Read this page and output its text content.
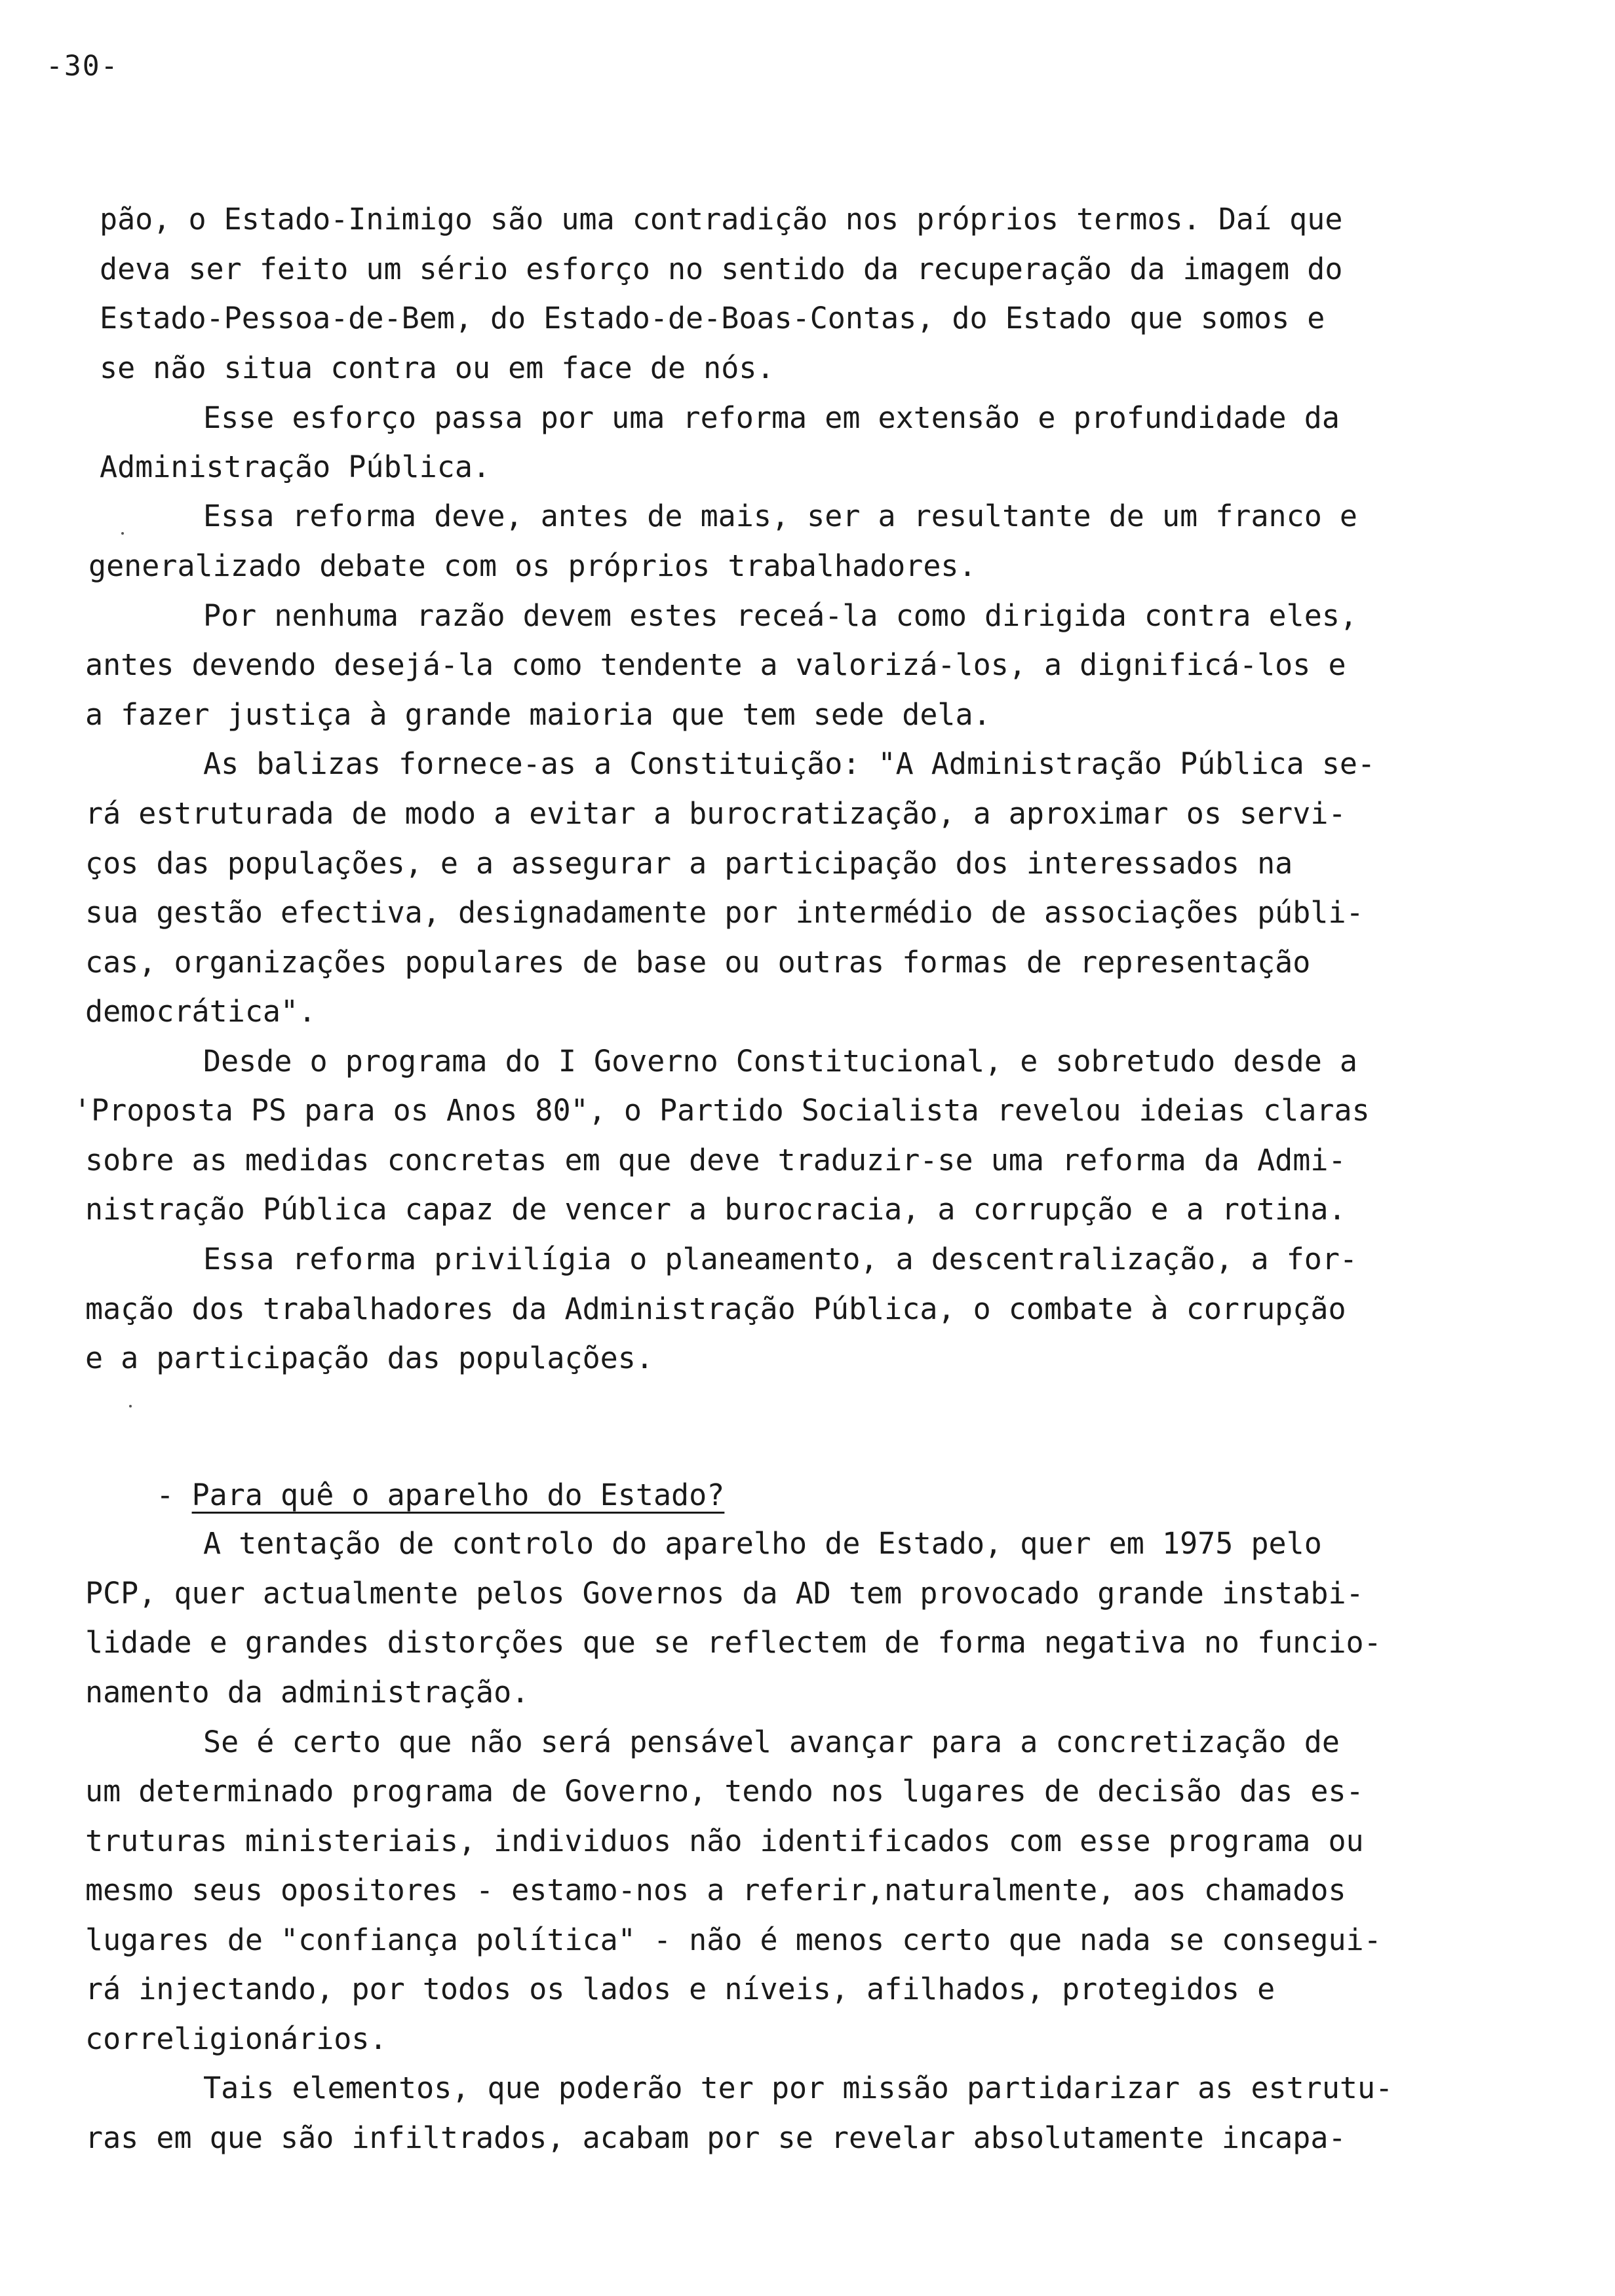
-30-
pão, o Estado-Inimigo são uma contradição nos próprios termos. Daí que
deva ser feito um sério esforço no sentido da recuperação da imagem do
Estado-Pessoa-de-Bem, do Estado-de-Boas-Contas, do Estado que somos e
se não situa contra ou em face de nós.
Esse esforço passa por uma reforma em extensão e profundidade da
Administração Pública.
Essa reforma deve, antes de mais, ser a resultante de um franco e
generalizado debate com os próprios trabalhadores.
Por nenhuma razão devem estes receá-la como dirigida contra eles,
antes devendo desejá-la como tendente a valorizá-los, a dignificá-los e
a fazer justiça à grande maioria que tem sede dela.
As balizas fornece-as a Constituição: "A Administração Pública se-
rá estruturada de modo a evitar a burocratização, a aproximar os servi-
ços das populações, e a assegurar a participação dos interessados na
sua gestão efectiva, designadamente por intermédio de associações públi-
cas, organizações populares de base ou outras formas de representação
democrática".
Desde o programa do I Governo Constitucional, e sobretudo desde a
'Proposta PS para os Anos 80", o Partido Socialista revelou ideias claras
sobre as medidas concretas em que deve traduzir-se uma reforma da Admi-
nistração Pública capaz de vencer a burocracia, a corrupção e a rotina.
Essa reforma privilígia o planeamento, a descentralização, a for-
mação dos trabalhadores da Administração Pública, o combate à corrupção
e a participação das populações.

- Para quê o aparelho do Estado?

A tentação de controlo do aparelho de Estado, quer em 1975 pelo
PCP, quer actualmente pelos Governos da AD tem provocado grande instabi-
lidade e grandes distorções que se reflectem de forma negativa no funcio-
namento da administração.
Se é certo que não será pensável avançar para a concretização de
um determinado programa de Governo, tendo nos lugares de decisão das es-
truturas ministeriais, individuos não identificados com esse programa ou
mesmo seus opositores - estamo-nos a referir,naturalmente, aos chamados
lugares de "confiança política" - não é menos certo que nada se consegui-
rá injectando, por todos os lados e níveis, afilhados, protegidos e
correligionários.
Tais elementos, que poderão ter por missão partidarizar as estrutu-
ras em que são infiltrados, acabam por se revelar absolutamente incapa-
